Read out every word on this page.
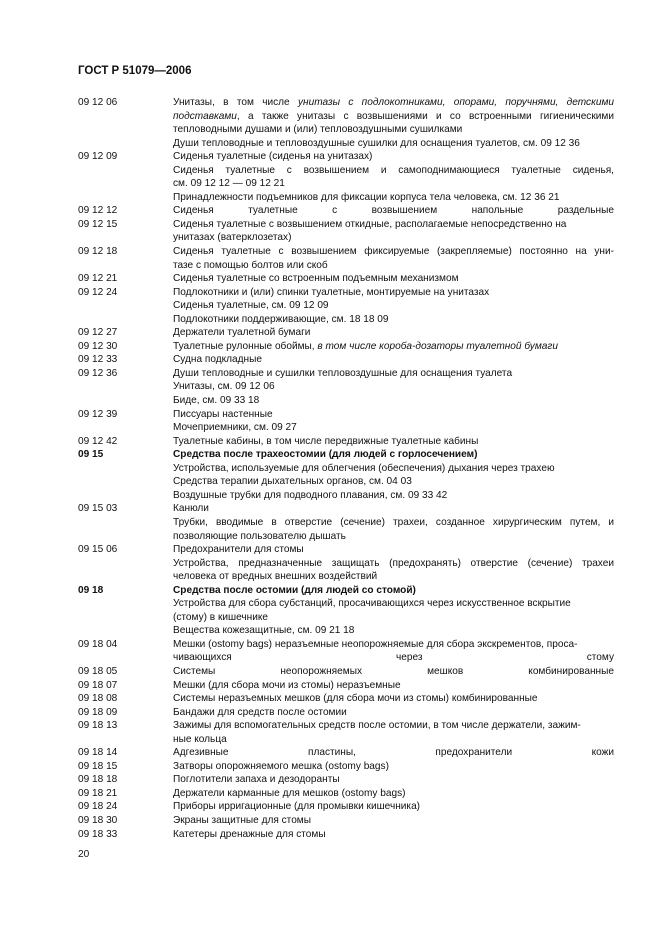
ГОСТ Р 51079—2006
09 12 06	Унитазы, в том числе унитазы с подлокотниками, опорами, поручнями, детскими
подставками, а также унитазы с возвышениями и со встроенными гигиеническими
тепловодными душами и (или) тепловоздушными сушилками
Души тепловодные и тепловоздушные сушилки для оснащения туалетов, см. 09 12 36
09 12 09	Сиденья туалетные (сиденья на унитазах)
Сиденья туалетные с возвышением и самоподнимающиеся туалетные сиденья,
см. 09 12 12 — 09 12 21
Принадлежности подъемников для фиксации корпуса тела человека, см. 12 36 21
09 12 12	Сиденья туалетные с возвышением напольные раздельные
09 12 15	Сиденья туалетные с возвышением откидные, располагаемые непосредственно на
унитазах (ватерклозетах)
09 12 18	Сиденья туалетные с возвышением фиксируемые (закрепляемые) постоянно на уни-
тазе с помощью болтов или скоб
09 12 21	Сиденья туалетные со встроенным подъемным механизмом
09 12 24	Подлокотники и (или) спинки туалетные, монтируемые на унитазах
Сиденья туалетные, см. 09 12 09
Подлокотники поддерживающие, см. 18 18 09
09 12 27	Держатели туалетной бумаги
09 12 30	Туалетные рулонные обоймы, в том числе короба-дозаторы туалетной бумаги
09 12 33	Судна подкладные
09 12 36	Души тепловодные и сушилки тепловоздушные для оснащения туалета
Унитазы, см. 09 12 06
Биде, см. 09 33 18
09 12 39	Писсуары настенные
Мочеприемники, см. 09 27
09 12 42	Туалетные кабины, в том числе передвижные туалетные кабины
09 15	Средства после трахеостомии (для людей с горлосечением)
Устройства, используемые для облегчения (обеспечения) дыхания через трахею
Средства терапии дыхательных органов, см. 04 03
Воздушные трубки для подводного плавания, см. 09 33 42
09 15 03	Канюли
Трубки, вводимые в отверстие (сечение) трахеи, созданное хирургическим путем, и
позволяющие пользователю дышать
09 15 06	Предохранители для стомы
Устройства, предназначенные защищать (предохранять) отверстие (сечение) трахеи
человека от вредных внешних воздействий
09 18	Средства после остомии (для людей со стомой)
Устройства для сбора субстанций, просачивающихся через искусственное вскрытие
(стому) в кишечнике
Вещества кожезащитные, см. 09 21 18
09 18 04	Мешки (ostomy bags) неразъемные неопорожняемые для сбора экскрементов, проса-
чивающихся через стому
09 18 05	Системы неопорожняемых мешков комбинированные
09 18 07	Мешки (для сбора мочи из стомы) неразъемные
09 18 08	Системы неразъемных мешков (для сбора мочи из стомы) комбинированные
09 18 09	Бандажи для средств после остомии
09 18 13	Зажимы для вспомогательных средств после остомии, в том числе держатели, зажим-
ные кольца
09 18 14	Адгезивные пластины, предохранители кожи
09 18 15	Затворы опорожняемого мешка (ostomy bags)
09 18 18	Поглотители запаха и дезодоранты
09 18 21	Держатели карманные для мешков (ostomy bags)
09 18 24	Приборы ирригационные (для промывки кишечника)
09 18 30	Экраны защитные для стомы
09 18 33	Катетеры дренажные для стомы
20
